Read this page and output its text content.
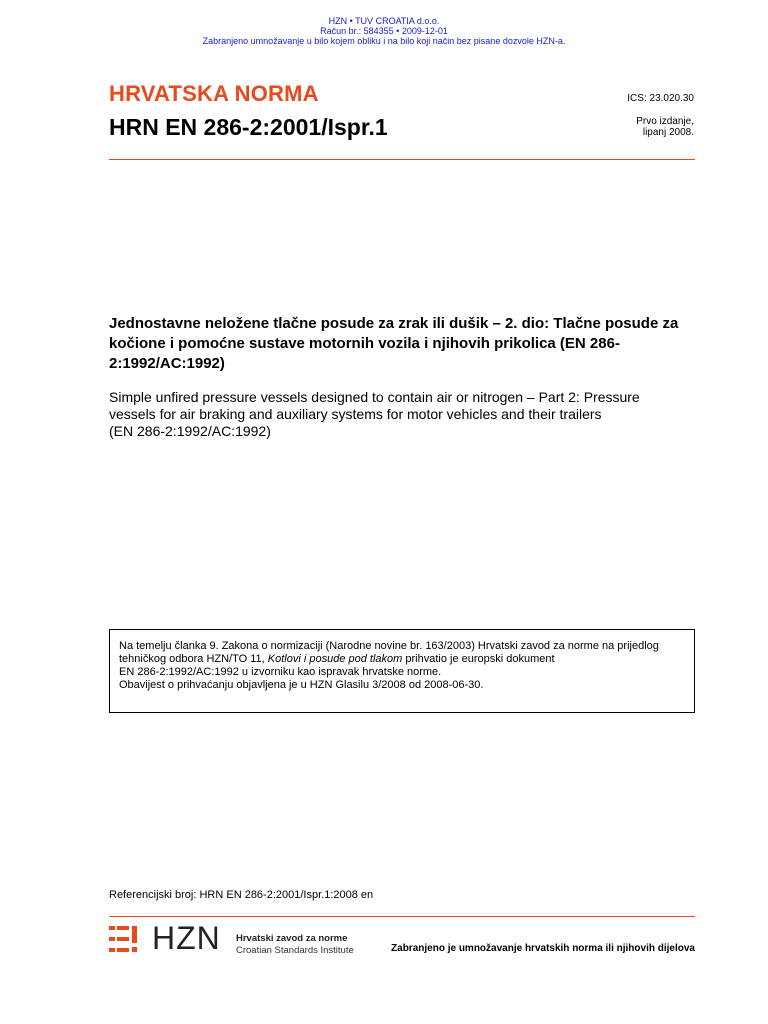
HZN • TUV CROATIA d.o.o.
Račun br.: 584355 • 2009-12-01
Zabranjeno umnožavanje u bilo kojem obliku i na bilo koji način bez pisane dozvole HZN-a.
HRVATSKA NORMA
HRN EN 286-2:2001/Ispr.1
ICS: 23.020.30
Prvo izdanje,
lipanj 2008.
Jednostavne neložene tlačne posude za zrak ili dušik – 2. dio: Tlačne posude za kočione i pomoćne sustave motornih vozila i njihovih prikolica (EN 286-2:1992/AC:1992)
Simple unfired pressure vessels designed to contain air or nitrogen – Part 2: Pressure
vessels for air braking and auxiliary systems for motor vehicles and their trailers
(EN 286-2:1992/AC:1992)
Na temelju članka 9. Zakona o normizaciji (Narodne novine br. 163/2003) Hrvatski zavod za norme na prijedlog
tehničkog odbora HZN/TO 11, Kotlovi i posude pod tlakom prihvatio je europski dokument
EN 286-2:1992/AC:1992 u izvorniku kao ispravak hrvatske norme.
Obavijest o prihvaćanju objavljena je u HZN Glasilu 3/2008 od 2008-06-30.
Referencijski broj: HRN EN 286-2:2001/Ispr.1:2008 en
HZN Hrvatski zavod za norme
Croatian Standards Institute	Zabranjeno je umnožavanje hrvatskih norma ili njihovih dijelova
